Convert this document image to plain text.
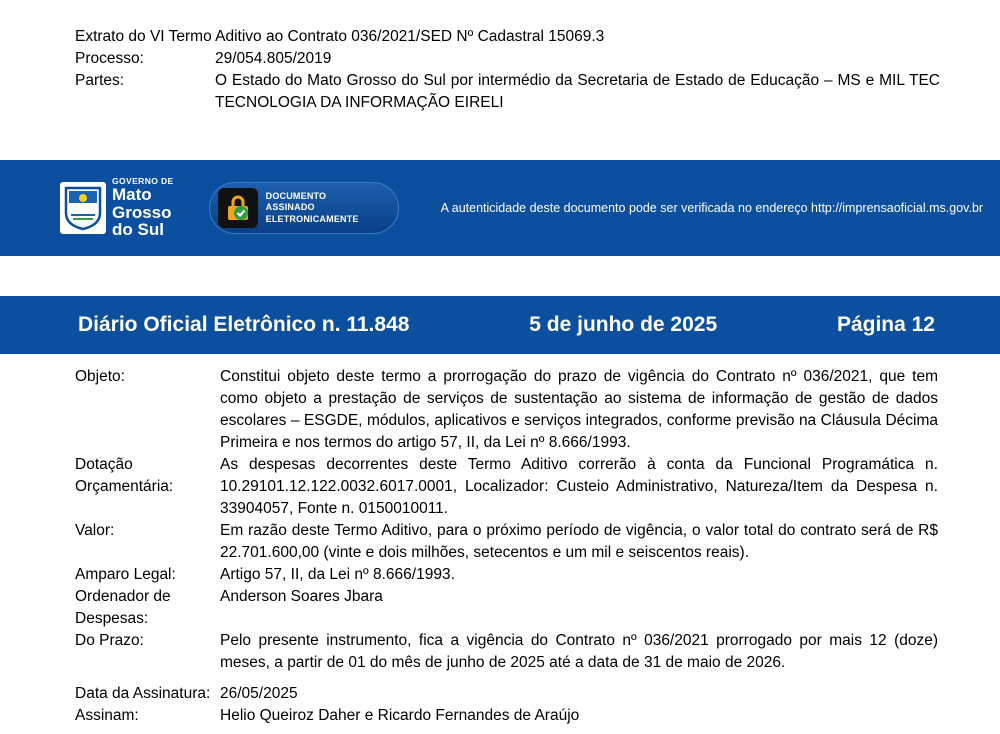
Extrato do VI Termo Aditivo ao Contrato 036/2021/SED Nº Cadastral 15069.3
Processo:	29/054.805/2019
Partes:	O Estado do Mato Grosso do Sul por intermédio da Secretaria de Estado de Educação – MS e MIL TEC TECNOLOGIA DA INFORMAÇÃO EIRELI
GOVERNO DE
Mato
Grosso
do Sul
DOCUMENTO
ASSINADO
ELETRONICAMENTE
A autenticidade deste documento pode ser verificada no endereço http://imprensaoficial.ms.gov.br
Diário Oficial Eletrônico n. 11.848	5 de junho de 2025	Página 12
Objeto:	Constitui objeto deste termo a prorrogação do prazo de vigência do Contrato nº 036/2021, que tem como objeto a prestação de serviços de sustentação ao sistema de informação de gestão de dados escolares – ESGDE, módulos, aplicativos e serviços integrados, conforme previsão na Cláusula Décima Primeira e nos termos do artigo 57, II, da Lei nº 8.666/1993.
Dotação Orçamentária:
As despesas decorrentes deste Termo Aditivo correrão à conta da Funcional Programática n. 10.29101.12.122.0032.6017.0001, Localizador: Custeio Administrativo, Natureza/Item da Despesa n. 33904057, Fonte n. 0150010011.
Valor:	Em razão deste Termo Aditivo, para o próximo período de vigência, o valor total do contrato será de R$ 22.701.600,00 (vinte e dois milhões, setecentos e um mil e seiscentos reais).
Amparo Legal:	Artigo 57, II, da Lei nº 8.666/1993.
Ordenador de Despesas:
Anderson Soares Jbara
Do Prazo:	Pelo presente instrumento, fica a vigência do Contrato nº 036/2021 prorrogado por mais 12 (doze) meses, a partir de 01 do mês de junho de 2025 até a data de 31 de maio de 2026.
Data da Assinatura: 26/05/2025
Assinam:	Helio Queiroz Daher e Ricardo Fernandes de Araújo
